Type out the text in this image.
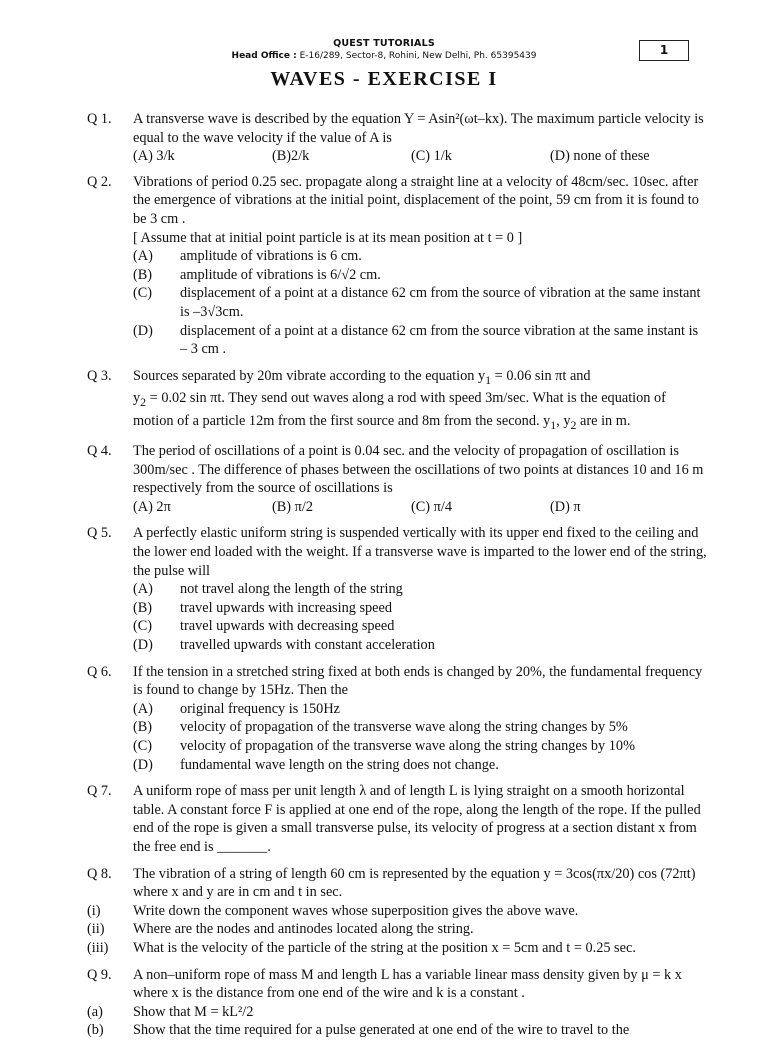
QUEST TUTORIALS
Head Office : E-16/289, Sector-8, Rohini, New Delhi, Ph. 65395439
WAVES - EXERCISE I
1
Q 1. A transverse wave is described by the equation Y = Asin²(ωt–kx). The maximum particle velocity is equal to the wave velocity if the value of A is

(A) 3/k	(B)2/k	(C) 1/k	(D) none of these
Q 2. Vibrations of period 0.25 sec. propagate along a straight line at a velocity of 48cm/sec. 10sec. after the emergence of vibrations at the initial point, displacement of the point, 59 cm from it is found to be 3 cm .

[ Assume that at initial point particle is at its mean position at t = 0 ]

(A) amplitude of vibrations is 6 cm.
(B) amplitude of vibrations is 6/√2 cm.
(C) displacement of a point at a distance 62 cm from the source of vibration at the same instant is –3√3cm.
(D) displacement of a point at a distance 62 cm from the source vibration at the same instant is – 3 cm .
Q 3. Sources separated by 20m vibrate according to the equation $y_1 = 0.06$ sin πt and
$y_2 = 0.02$ sin πt. They send out waves along a rod with speed 3m/sec. What is the equation of motion of a particle 12m from the first source and 8m from the second. $y_1$, $y_2$ are in m.

Q 4. The period of oscillations of a point is 0.04 sec. and the velocity of propagation of oscillation is 300m/sec . The difference of phases between the oscillations of two points at distances 10 and 16 m respectively from the source of oscillations is

(A) 2π	(B) π/2	(C) π/4	(D) π
Q 5. A perfectly elastic uniform string is suspended vertically with its upper end fixed to the ceiling and the lower end loaded with the weight. If a transverse wave is imparted to the lower end of the string, the pulse will

(A) not travel along the length of the string
(B) travel upwards with increasing speed
(C) travel upwards with decreasing speed
(D) travelled upwards with constant acceleration
Q 6. If the tension in a stretched string fixed at both ends is changed by 20%, the fundamental frequency is found to change by 15Hz. Then the

(A) original frequency is 150Hz
(B) velocity of propagation of the transverse wave along the string changes by 5%
(C) velocity of propagation of the transverse wave along the string changes by 10%
(D) fundamental wave length on the string does not change.
Q 7. A uniform rope of mass per unit length λ and of length L is lying straight on a smooth horizontal table. A constant force F is applied at one end of the rope, along the length of the rope. If the pulled end of the rope is given a small transverse pulse, its velocity of progress at a section distant x from the free end is _______.

Q 8. The vibration of a string of length 60 cm is represented by the equation y = 3cos(πx/20) cos (72πt) where x and y are in cm and t in sec.

(i) Write down the component waves whose superposition gives the above wave.
(ii) Where are the nodes and antinodes located along the string.
(iii) What is the velocity of the particle of the string at the position x = 5cm and t = 0.25 sec.
Q 9. A non–uniform rope of mass M and length L has a variable linear mass density given by μ = k x where x is the distance from one end of the wire and k is a constant .

(a) Show that M = kL²/2
(b) Show that the time required for a pulse generated at one end of the wire to travel to the
